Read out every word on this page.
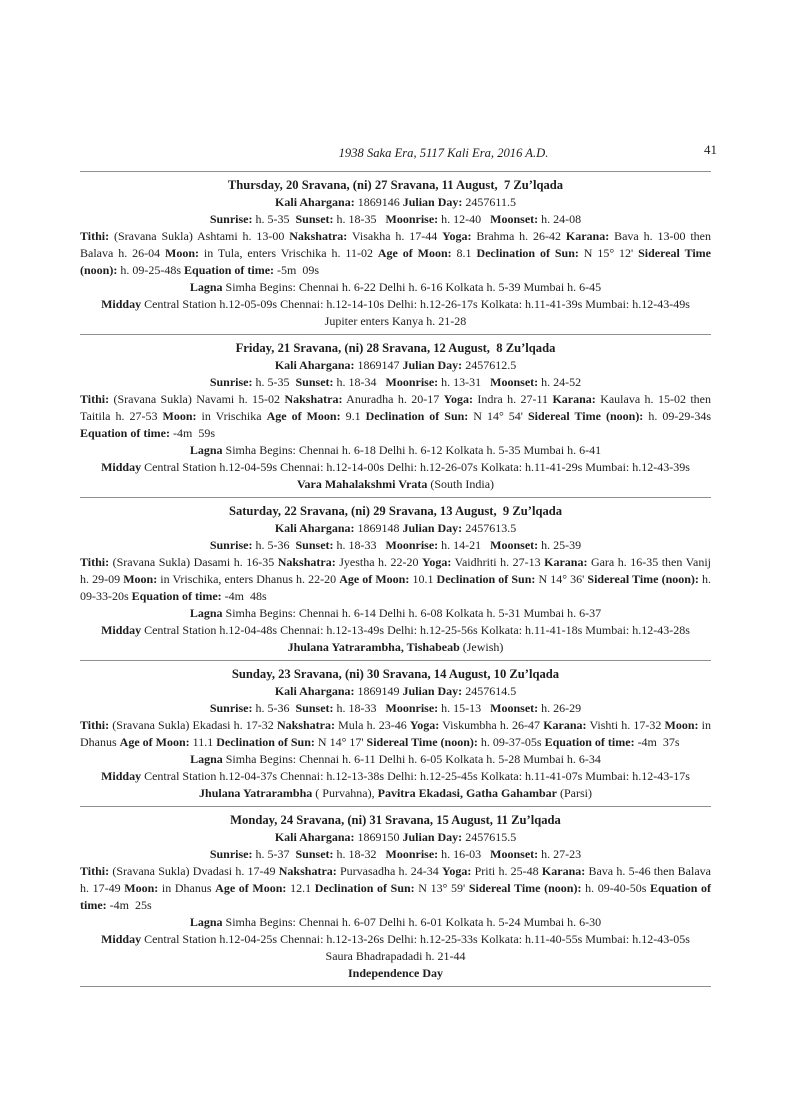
1938 Saka Era, 5117 Kali Era, 2016 A.D.	41
Thursday, 20 Sravana, (ni) 27 Sravana, 11 August,  7 Zu’lqada
Kali Ahargana: 1869146 Julian Day: 2457611.5
Sunrise: h. 5-35  Sunset: h. 18-35   Moonrise: h. 12-40   Moonset: h. 24-08
Tithi: (Sravana Sukla) Ashtami h. 13-00 Nakshatra: Visakha h. 17-44 Yoga: Brahma h. 26-42 Karana: Bava h. 13-00 then Balava h. 26-04 Moon: in Tula, enters Vrischika h. 11-02 Age of Moon: 8.1 Declination of Sun: N 15° 12' Sidereal Time (noon): h. 09-25-48s Equation of time: -5m  09s
Lagna Simha Begins: Chennai h. 6-22 Delhi h. 6-16 Kolkata h. 5-39 Mumbai h. 6-45
Midday Central Station h.12-05-09s Chennai: h.12-14-10s Delhi: h.12-26-17s Kolkata: h.11-41-39s Mumbai: h.12-43-49s
Jupiter enters Kanya h. 21-28
Friday, 21 Sravana, (ni) 28 Sravana, 12 August,  8 Zu’lqada
Kali Ahargana: 1869147 Julian Day: 2457612.5
Sunrise: h. 5-35  Sunset: h. 18-34   Moonrise: h. 13-31   Moonset: h. 24-52
Tithi: (Sravana Sukla) Navami h. 15-02 Nakshatra: Anuradha h. 20-17 Yoga: Indra h. 27-11 Karana: Kaulava h. 15-02 then Taitila h. 27-53 Moon: in Vrischika Age of Moon: 9.1 Declination of Sun: N 14° 54' Sidereal Time (noon): h. 09-29-34s Equation of time: -4m  59s
Lagna Simha Begins: Chennai h. 6-18 Delhi h. 6-12 Kolkata h. 5-35 Mumbai h. 6-41
Midday Central Station h.12-04-59s Chennai: h.12-14-00s Delhi: h.12-26-07s Kolkata: h.11-41-29s Mumbai: h.12-43-39s
Vara Mahalakshmi Vrata (South India)
Saturday, 22 Sravana, (ni) 29 Sravana, 13 August,  9 Zu’lqada
Kali Ahargana: 1869148 Julian Day: 2457613.5
Sunrise: h. 5-36  Sunset: h. 18-33   Moonrise: h. 14-21   Moonset: h. 25-39
Tithi: (Sravana Sukla) Dasami h. 16-35 Nakshatra: Jyestha h. 22-20 Yoga: Vaidhriti h. 27-13 Karana: Gara h. 16-35 then Vanij h. 29-09 Moon: in Vrischika, enters Dhanus h. 22-20 Age of Moon: 10.1 Declination of Sun: N 14° 36' Sidereal Time (noon): h. 09-33-20s Equation of time: -4m  48s
Lagna Simha Begins: Chennai h. 6-14 Delhi h. 6-08 Kolkata h. 5-31 Mumbai h. 6-37
Midday Central Station h.12-04-48s Chennai: h.12-13-49s Delhi: h.12-25-56s Kolkata: h.11-41-18s Mumbai: h.12-43-28s
Jhulana Yatrarambha, Tishabeab (Jewish)
Sunday, 23 Sravana, (ni) 30 Sravana, 14 August, 10 Zu’lqada
Kali Ahargana: 1869149 Julian Day: 2457614.5
Sunrise: h. 5-36  Sunset: h. 18-33   Moonrise: h. 15-13   Moonset: h. 26-29
Tithi: (Sravana Sukla) Ekadasi h. 17-32 Nakshatra: Mula h. 23-46 Yoga: Viskumbha h. 26-47 Karana: Vishti h. 17-32 Moon: in Dhanus Age of Moon: 11.1 Declination of Sun: N 14° 17' Sidereal Time (noon): h. 09-37-05s Equation of time: -4m  37s
Lagna Simha Begins: Chennai h. 6-11 Delhi h. 6-05 Kolkata h. 5-28 Mumbai h. 6-34
Midday Central Station h.12-04-37s Chennai: h.12-13-38s Delhi: h.12-25-45s Kolkata: h.11-41-07s Mumbai: h.12-43-17s
Jhulana Yatrarambha ( Purvahna), Pavitra Ekadasi, Gatha Gahambar (Parsi)
Monday, 24 Sravana, (ni) 31 Sravana, 15 August, 11 Zu’lqada
Kali Ahargana: 1869150 Julian Day: 2457615.5
Sunrise: h. 5-37  Sunset: h. 18-32   Moonrise: h. 16-03   Moonset: h. 27-23
Tithi: (Sravana Sukla) Dvadasi h. 17-49 Nakshatra: Purvasadha h. 24-34 Yoga: Priti h. 25-48 Karana: Bava h. 5-46 then Balava h. 17-49 Moon: in Dhanus Age of Moon: 12.1 Declination of Sun: N 13° 59' Sidereal Time (noon): h. 09-40-50s Equation of time: -4m  25s
Lagna Simha Begins: Chennai h. 6-07 Delhi h. 6-01 Kolkata h. 5-24 Mumbai h. 6-30
Midday Central Station h.12-04-25s Chennai: h.12-13-26s Delhi: h.12-25-33s Kolkata: h.11-40-55s Mumbai: h.12-43-05s
Saura Bhadrapadadi h. 21-44
Independence Day
